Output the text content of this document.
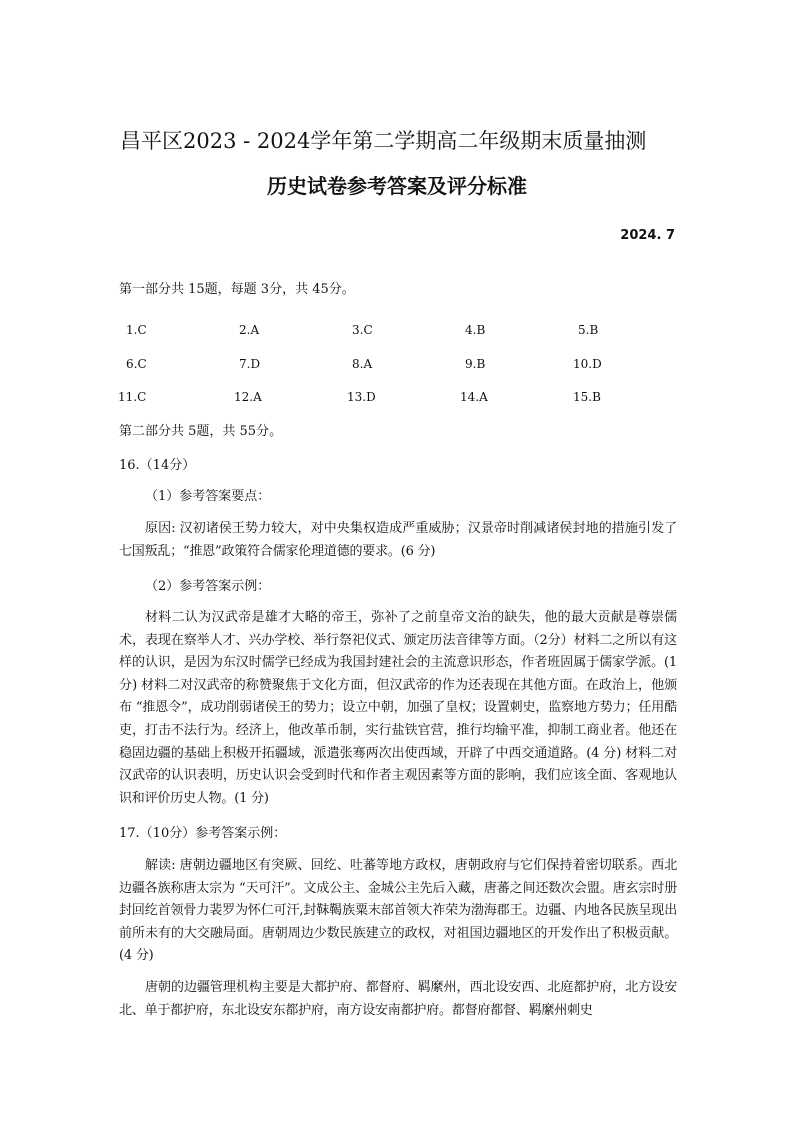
昌平区2023 - 2024学年第二学期高二年级期末质量抽测
历史试卷参考答案及评分标准
2024. 7
第一部分共 15题，每题 3分，共 45分。
1.C	2.A	3.C	4.B	5.B
6.C	7.D	8.A	9.B	10.D
11.C	12.A	13.D	14.A	15.B
第二部分共 5题，共 55分。
16.（14分）
（1）参考答案要点：
原因: 汉初诸侯王势力较大，对中央集权造成严重威胁；汉景帝时削减诸侯封地的措施引发了七国叛乱；“推恩”政策符合儒家伦理道德的要求。(6 分)
（2）参考答案示例：
材料二认为汉武帝是雄才大略的帝王，弥补了之前皇帝文治的缺失，他的最大贡献是尊崇儒术，表现在察举人才、兴办学校、举行祭祀仪式、颁定历法音律等方面。（2分）材料二之所以有这样的认识，是因为东汉时儒学已经成为我国封建社会的主流意识形态，作者班固属于儒家学派。(1 分) 材料二对汉武帝的称赞聚焦于文化方面，但汉武帝的作为还表现在其他方面。在政治上，他颁布 “推恩令”，成功削弱诸侯王的势力；设立中朝，加强了皇权；设置刺史，监察地方势力；任用酷吏，打击不法行为。经济上，他改革币制，实行盐铁官营，推行均输平准，抑制工商业者。他还在稳固边疆的基础上积极开拓疆域，派遣张骞两次出使西域，开辟了中西交通道路。(4 分) 材料二对汉武帝的认识表明，历史认识会受到时代和作者主观因素等方面的影响，我们应该全面、客观地认识和评价历史人物。(1 分)
17.（10分）参考答案示例：
解读: 唐朝边疆地区有突厥、回纥、吐蕃等地方政权，唐朝政府与它们保持着密切联系。西北边疆各族称唐太宗为 “天可汗”。文成公主、金城公主先后入藏，唐蕃之间还数次会盟。唐玄宗时册封回纥首领骨力裴罗为怀仁可汗,封靺鞨族粟末部首领大祚荣为渤海郡王。边疆、内地各民族呈现出前所未有的大交融局面。唐朝周边少数民族建立的政权，对祖国边疆地区的开发作出了积极贡献。(4 分)
唐朝的边疆管理机构主要是大都护府、都督府、羁縻州，西北设安西、北庭都护府，北方设安北、单于都护府，东北设安东都护府，南方设安南都护府。都督府都督、羁縻州刺史
